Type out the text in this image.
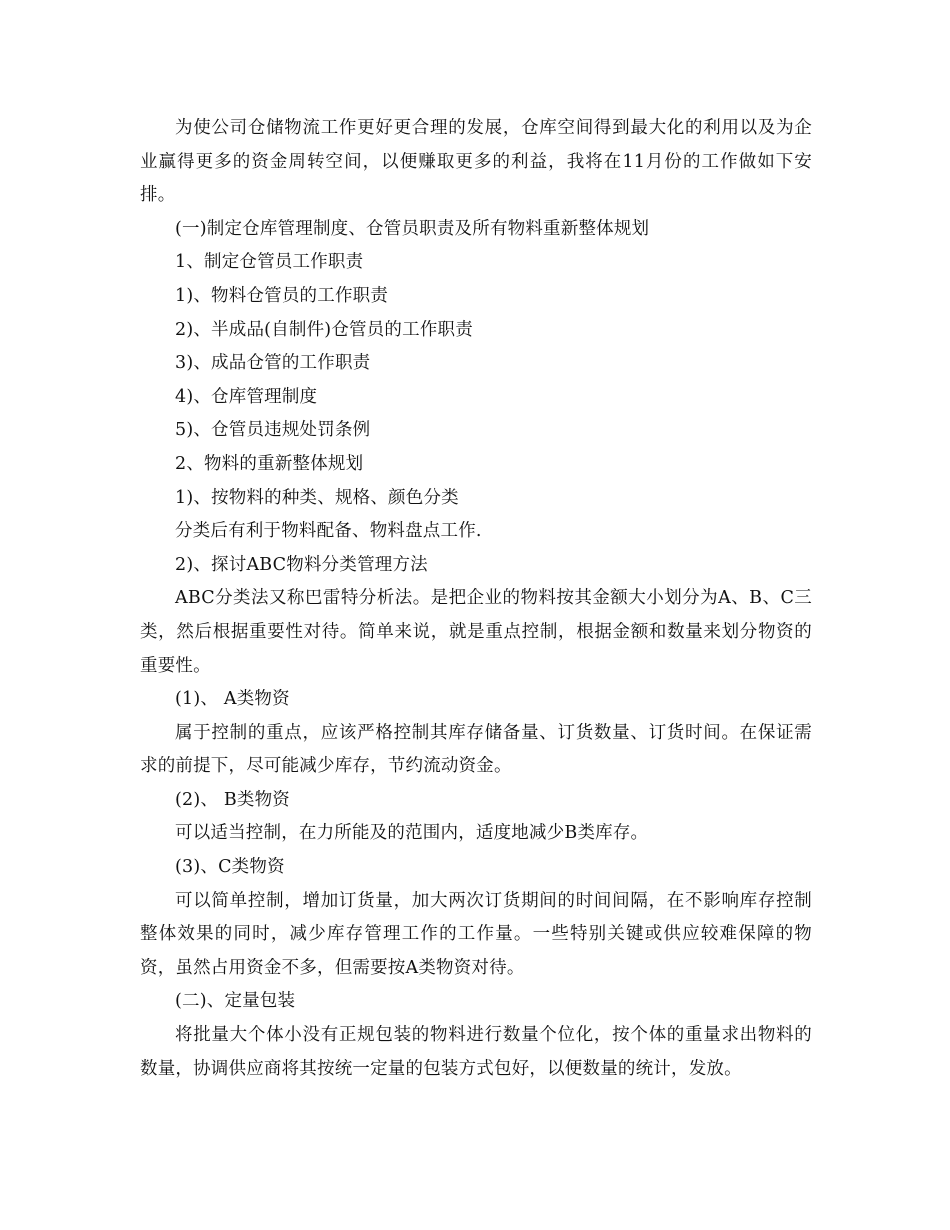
为使公司仓储物流工作更好更合理的发展，仓库空间得到最大化的利用以及为企业赢得更多的资金周转空间，以便赚取更多的利益，我将在11月份的工作做如下安排。

(一)制定仓库管理制度、仓管员职责及所有物料重新整体规划

1、制定仓管员工作职责

1)、物料仓管员的工作职责

2)、半成品(自制件)仓管员的工作职责

3)、成品仓管的工作职责

4)、仓库管理制度

5)、仓管员违规处罚条例

2、物料的重新整体规划

1)、按物料的种类、规格、颜色分类

分类后有利于物料配备、物料盘点工作.

2)、探讨ABC物料分类管理方法

ABC分类法又称巴雷特分析法。是把企业的物料按其金额大小划分为A、B、C三类，然后根据重要性对待。简单来说，就是重点控制，根据金额和数量来划分物资的重要性。

(1)、 A类物资

属于控制的重点，应该严格控制其库存储备量、订货数量、订货时间。在保证需求的前提下，尽可能减少库存，节约流动资金。

(2)、 B类物资

可以适当控制，在力所能及的范围内，适度地减少B类库存。

(3)、C类物资

可以简单控制，增加订货量，加大两次订货期间的时间间隔，在不影响库存控制整体效果的同时，减少库存管理工作的工作量。一些特别关键或供应较难保障的物资，虽然占用资金不多，但需要按A类物资对待。

(二)、定量包装

将批量大个体小没有正规包装的物料进行数量个位化，按个体的重量求出物料的数量，协调供应商将其按统一定量的包装方式包好，以便数量的统计，发放。
